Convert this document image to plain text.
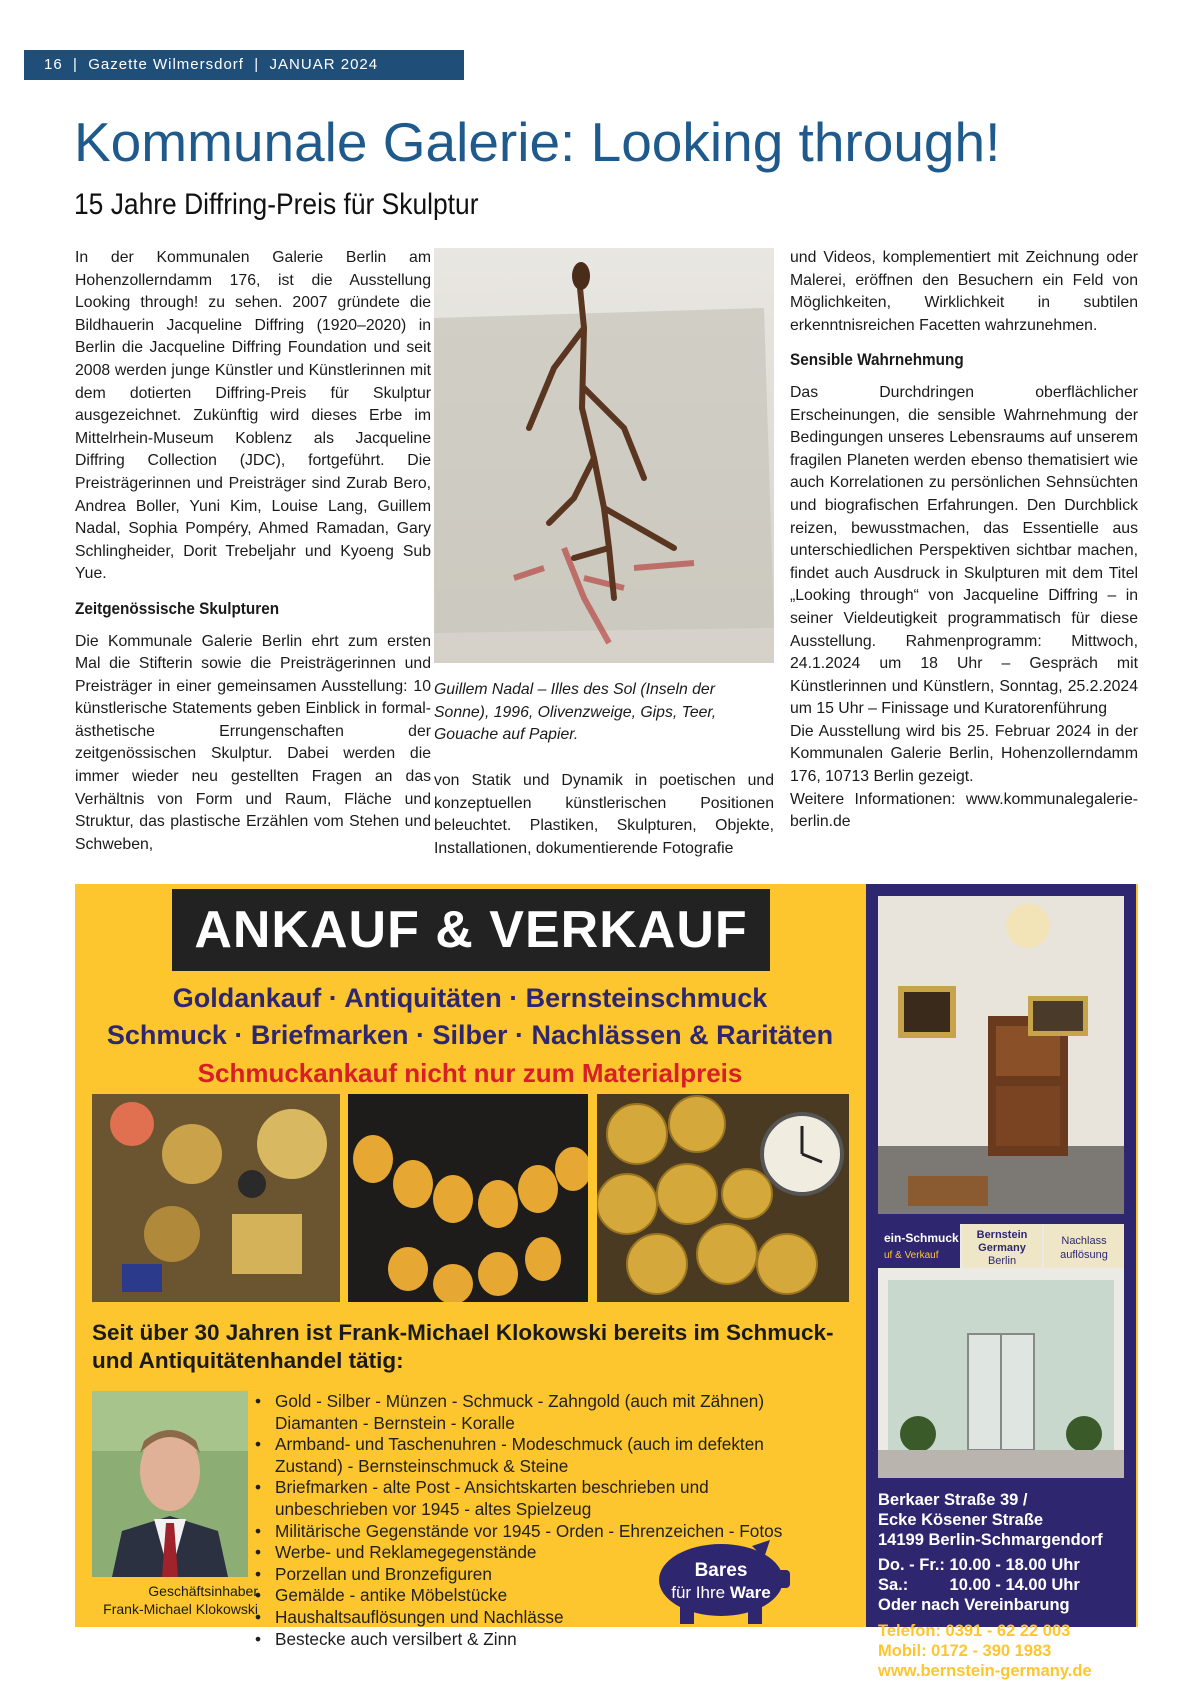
16  |  Gazette Wilmersdorf  |  JANUAR 2024
Kommunale Galerie: Looking through!
15 Jahre Diffring-Preis für Skulptur

In der Kommunalen Galerie Berlin am Hohenzollerndamm 176, ist die Ausstellung Looking through! zu sehen. 2007 gründete die Bildhauerin Jacqueline Diffring (1920–2020) in Berlin die Jacqueline Diffring Foundation und seit 2008 werden junge Künstler und Künstlerinnen mit dem dotierten Diffring-Preis für Skulptur ausgezeichnet. Zukünftig wird dieses Erbe im Mittelrhein-Museum Koblenz als Jacqueline Diffring Collection (JDC), fortgeführt. Die Preisträgerinnen und Preisträger sind Zurab Bero, Andrea Boller, Yuni Kim, Louise Lang, Guillem Nadal, Sophia Pompéry, Ahmed Ramadan, Gary Schlingheider, Dorit Trebeljahr und Kyoeng Sub Yue.

Zeitgenössische Skulpturen

Die Kommunale Galerie Berlin ehrt zum ersten Mal die Stifterin sowie die Preisträgerinnen und Preisträger in einer gemeinsamen Ausstellung: 10 künstlerische Statements geben Einblick in formal-ästhetische Errungenschaften der zeitgenössischen Skulptur. Dabei werden die immer wieder neu gestellten Fragen an das Verhältnis von Form und Raum, Fläche und Struktur, das plastische Erzählen vom Stehen und Schweben,

Guillem Nadal – Illes des Sol (Inseln der Sonne), 1996, Olivenzweige, Gips, Teer, Gouache auf Papier.

von Statik und Dynamik in poetischen und konzeptuellen künstlerischen Positionen beleuchtet. Plastiken, Skulpturen, Objekte, Installationen, dokumentierende Fotografie

und Videos, komplementiert mit Zeichnung oder Malerei, eröffnen den Besuchern ein Feld von Möglichkeiten, Wirklichkeit in subtilen erkenntnisreichen Facetten wahrzunehmen.

Sensible Wahrnehmung

Das Durchdringen oberflächlicher Erscheinungen, die sensible Wahrnehmung der Bedingungen unseres Lebensraums auf unserem fragilen Planeten werden ebenso thematisiert wie auch Korrelationen zu persönlichen Sehnsüchten und biografischen Erfahrungen. Den Durchblick reizen, bewusstmachen, das Essentielle aus unterschiedlichen Perspektiven sichtbar machen, findet auch Ausdruck in Skulpturen mit dem Titel „Looking through“ von Jacqueline Diffring – in seiner Vieldeutigkeit programmatisch für diese Ausstellung. Rahmenprogramm: Mittwoch, 24.1.2024 um 18 Uhr – Gespräch mit Künstlerinnen und Künstlern, Sonntag, 25.2.2024 um 15 Uhr – Finissage und Kuratorenführung

Die Ausstellung wird bis 25. Februar 2024 in der Kommunalen Galerie Berlin, Hohenzollerndamm 176, 10713 Berlin gezeigt.

Weitere Informationen: www.kommunalegalerie-berlin.de

ANKAUF & VERKAUF
Goldankauf · Antiquitäten · Bernsteinschmuck
Schmuck · Briefmarken · Silber · Nachlässen & Raritäten
Schmuckankauf nicht nur zum Materialpreis
Seit über 30 Jahren ist Frank-Michael Klokowski bereits im Schmuck- und Antiquitätenhandel tätig:
Geschäftsinhaber
Frank-Michael Klokowski
• Gold - Silber - Münzen - Schmuck - Zahngold (auch mit Zähnen) Diamanten - Bernstein - Koralle
• Armband- und Taschenuhren - Modeschmuck (auch im defekten Zustand) - Bernsteinschmuck & Steine
• Briefmarken - alte Post - Ansichtskarten beschrieben und unbeschrieben vor 1945 - altes Spielzeug
• Militärische Gegenstände vor 1945 - Orden - Ehrenzeichen - Fotos
• Werbe- und Reklamegegenstände
• Porzellan und Bronzefiguren
• Gemälde - antike Möbelstücke
• Haushaltsauflösungen und Nachlässe
• Bestecke auch versilbert & Zinn
Bares
für Ihre Ware
ein-Schmuck
uf & Verkauf
Bernstein
Germany
Berlin
Nachlass
auflösung
Berkaer Straße 39 /
Ecke Kösener Straße
14199 Berlin-Schmargendorf
Do. - Fr.: 10.00 - 18.00 Uhr
Sa.:         10.00 - 14.00 Uhr
Oder nach Vereinbarung
Telefon: 0391 - 62 22 003
Mobil: 0172 - 390 1983
www.bernstein-germany.de
